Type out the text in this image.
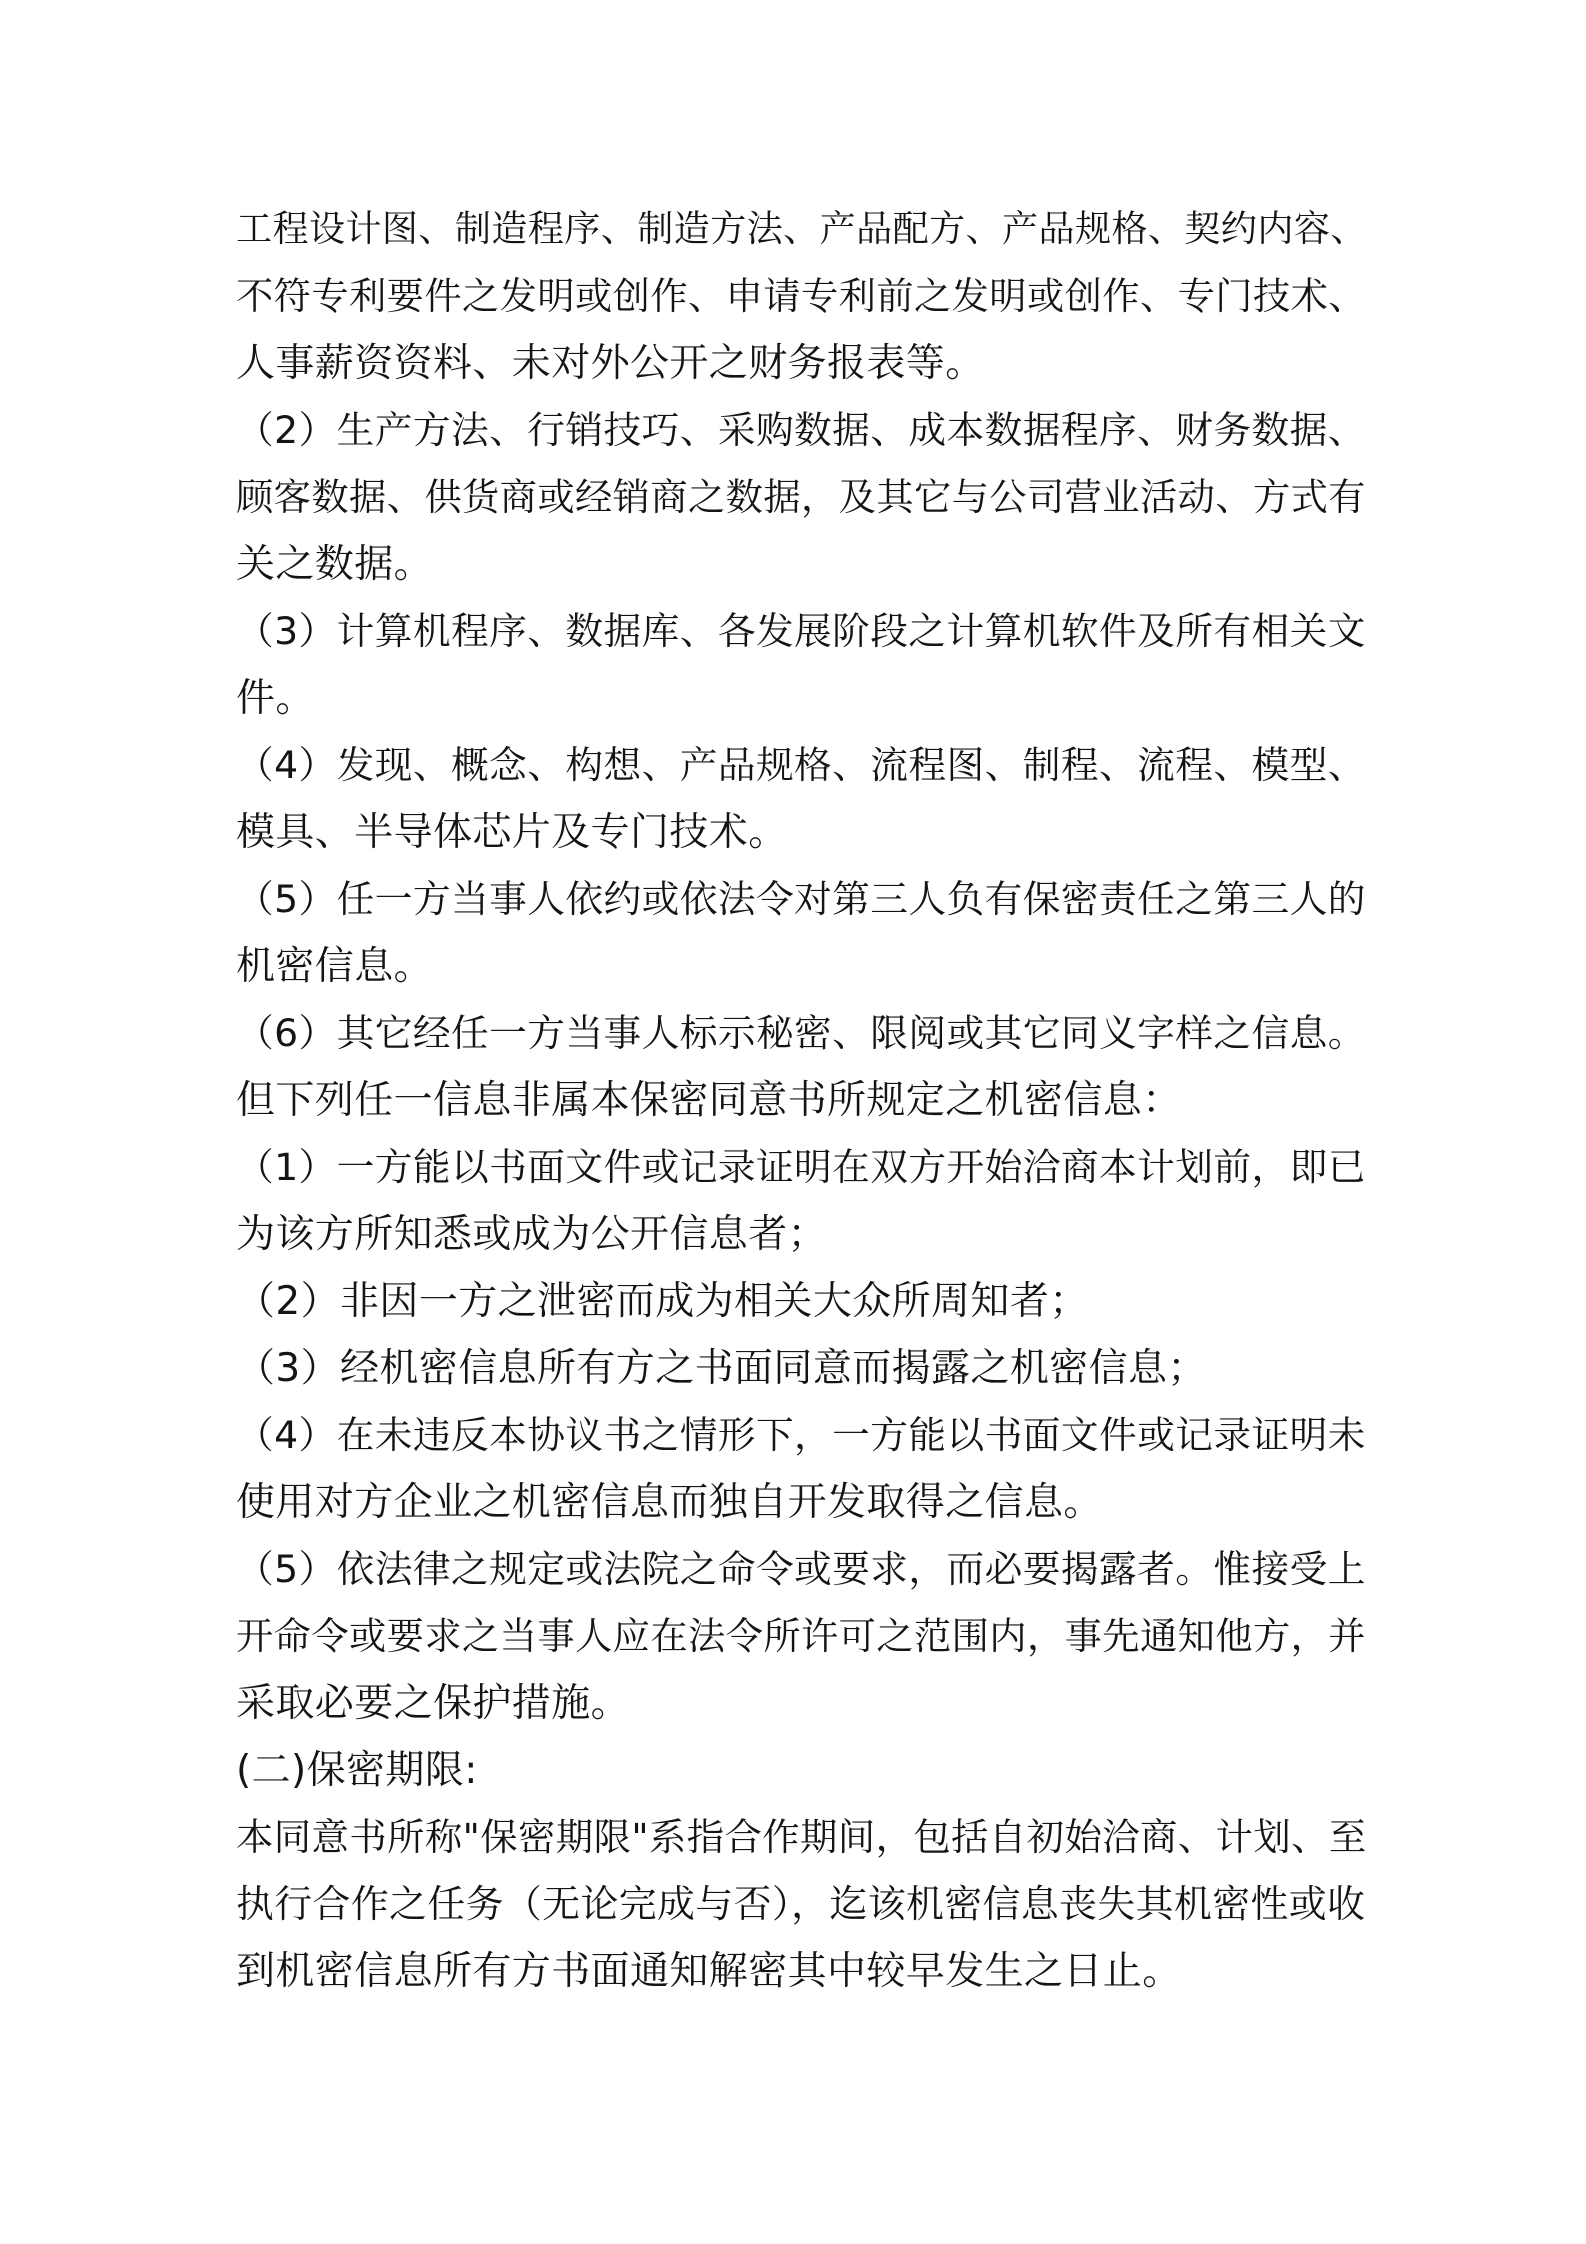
工程设计图、制造程序、制造方法、产品配方、产品规格、契约内容、
不符专利要件之发明或创作、申请专利前之发明或创作、专门技术、
人事薪资资料、未对外公开之财务报表等。
（2）生产方法、行销技巧、采购数据、成本数据程序、财务数据、
顾客数据、供货商或经销商之数据，及其它与公司营业活动、方式有
关之数据。
（3）计算机程序、数据库、各发展阶段之计算机软件及所有相关文
件。
（4）发现、概念、构想、产品规格、流程图、制程、流程、模型、
模具、半导体芯片及专门技术。
（5）任一方当事人依约或依法令对第三人负有保密责任之第三人的
机密信息。
（6）其它经任一方当事人标示秘密、限阅或其它同义字样之信息。
但下列任一信息非属本保密同意书所规定之机密信息：
（1）一方能以书面文件或记录证明在双方开始洽商本计划前，即已
为该方所知悉或成为公开信息者；
（2）非因一方之泄密而成为相关大众所周知者；
（3）经机密信息所有方之书面同意而揭露之机密信息；
（4）在未违反本协议书之情形下，一方能以书面文件或记录证明未
使用对方企业之机密信息而独自开发取得之信息。
（5）依法律之规定或法院之命令或要求，而必要揭露者。惟接受上
开命令或要求之当事人应在法令所许可之范围内，事先通知他方，并
采取必要之保护措施。
(二)保密期限:
本同意书所称"保密期限"系指合作期间，包括自初始洽商、计划、至
执行合作之任务（无论完成与否），迄该机密信息丧失其机密性或收
到机密信息所有方书面通知解密其中较早发生之日止。
